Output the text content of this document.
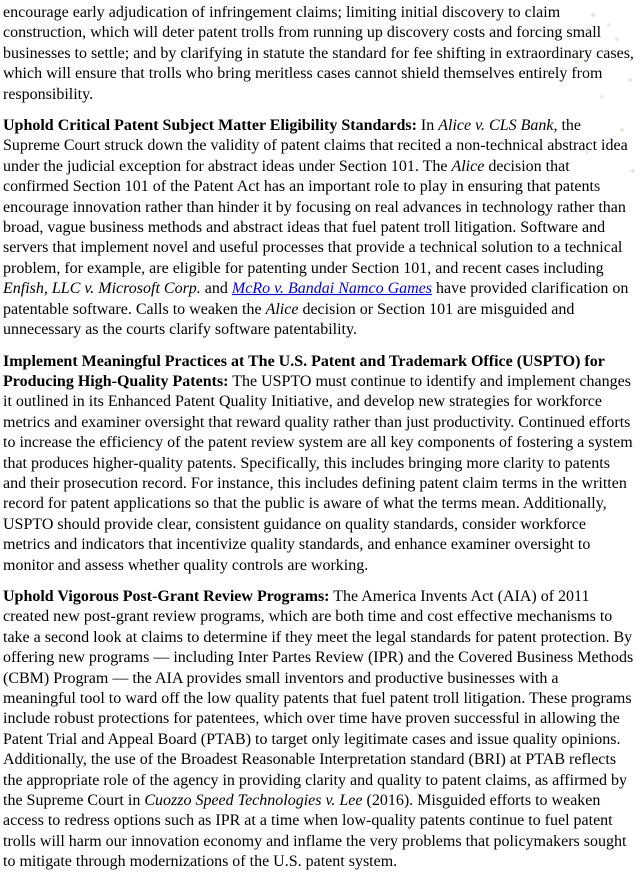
encourage early adjudication of infringement claims; limiting initial discovery to claim construction, which will deter patent trolls from running up discovery costs and forcing small businesses to settle; and by clarifying in statute the standard for fee shifting in extraordinary cases, which will ensure that trolls who bring meritless cases cannot shield themselves entirely from responsibility.

Uphold Critical Patent Subject Matter Eligibility Standards: In Alice v. CLS Bank, the Supreme Court struck down the validity of patent claims that recited a non-technical abstract idea under the judicial exception for abstract ideas under Section 101. The Alice decision that confirmed Section 101 of the Patent Act has an important role to play in ensuring that patents encourage innovation rather than hinder it by focusing on real advances in technology rather than broad, vague business methods and abstract ideas that fuel patent troll litigation. Software and servers that implement novel and useful processes that provide a technical solution to a technical problem, for example, are eligible for patenting under Section 101, and recent cases including Enfish, LLC v. Microsoft Corp. and McRo v. Bandai Namco Games have provided clarification on patentable software. Calls to weaken the Alice decision or Section 101 are misguided and unnecessary as the courts clarify software patentability.

Implement Meaningful Practices at The U.S. Patent and Trademark Office (USPTO) for Producing High-Quality Patents: The USPTO must continue to identify and implement changes it outlined in its Enhanced Patent Quality Initiative, and develop new strategies for workforce metrics and examiner oversight that reward quality rather than just productivity. Continued efforts to increase the efficiency of the patent review system are all key components of fostering a system that produces higher-quality patents. Specifically, this includes bringing more clarity to patents and their prosecution record. For instance, this includes defining patent claim terms in the written record for patent applications so that the public is aware of what the terms mean. Additionally, USPTO should provide clear, consistent guidance on quality standards, consider workforce metrics and indicators that incentivize quality standards, and enhance examiner oversight to monitor and assess whether quality controls are working.

Uphold Vigorous Post-Grant Review Programs: The America Invents Act (AIA) of 2011 created new post-grant review programs, which are both time and cost effective mechanisms to take a second look at claims to determine if they meet the legal standards for patent protection. By offering new programs — including Inter Partes Review (IPR) and the Covered Business Methods (CBM) Program — the AIA provides small inventors and productive businesses with a meaningful tool to ward off the low quality patents that fuel patent troll litigation. These programs include robust protections for patentees, which over time have proven successful in allowing the Patent Trial and Appeal Board (PTAB) to target only legitimate cases and issue quality opinions. Additionally, the use of the Broadest Reasonable Interpretation standard (BRI) at PTAB reflects the appropriate role of the agency in providing clarity and quality to patent claims, as affirmed by the Supreme Court in Cuozzo Speed Technologies v. Lee (2016). Misguided efforts to weaken access to redress options such as IPR at a time when low-quality patents continue to fuel patent trolls will harm our innovation economy and inflame the very problems that policymakers sought to mitigate through modernizations of the U.S. patent system.
